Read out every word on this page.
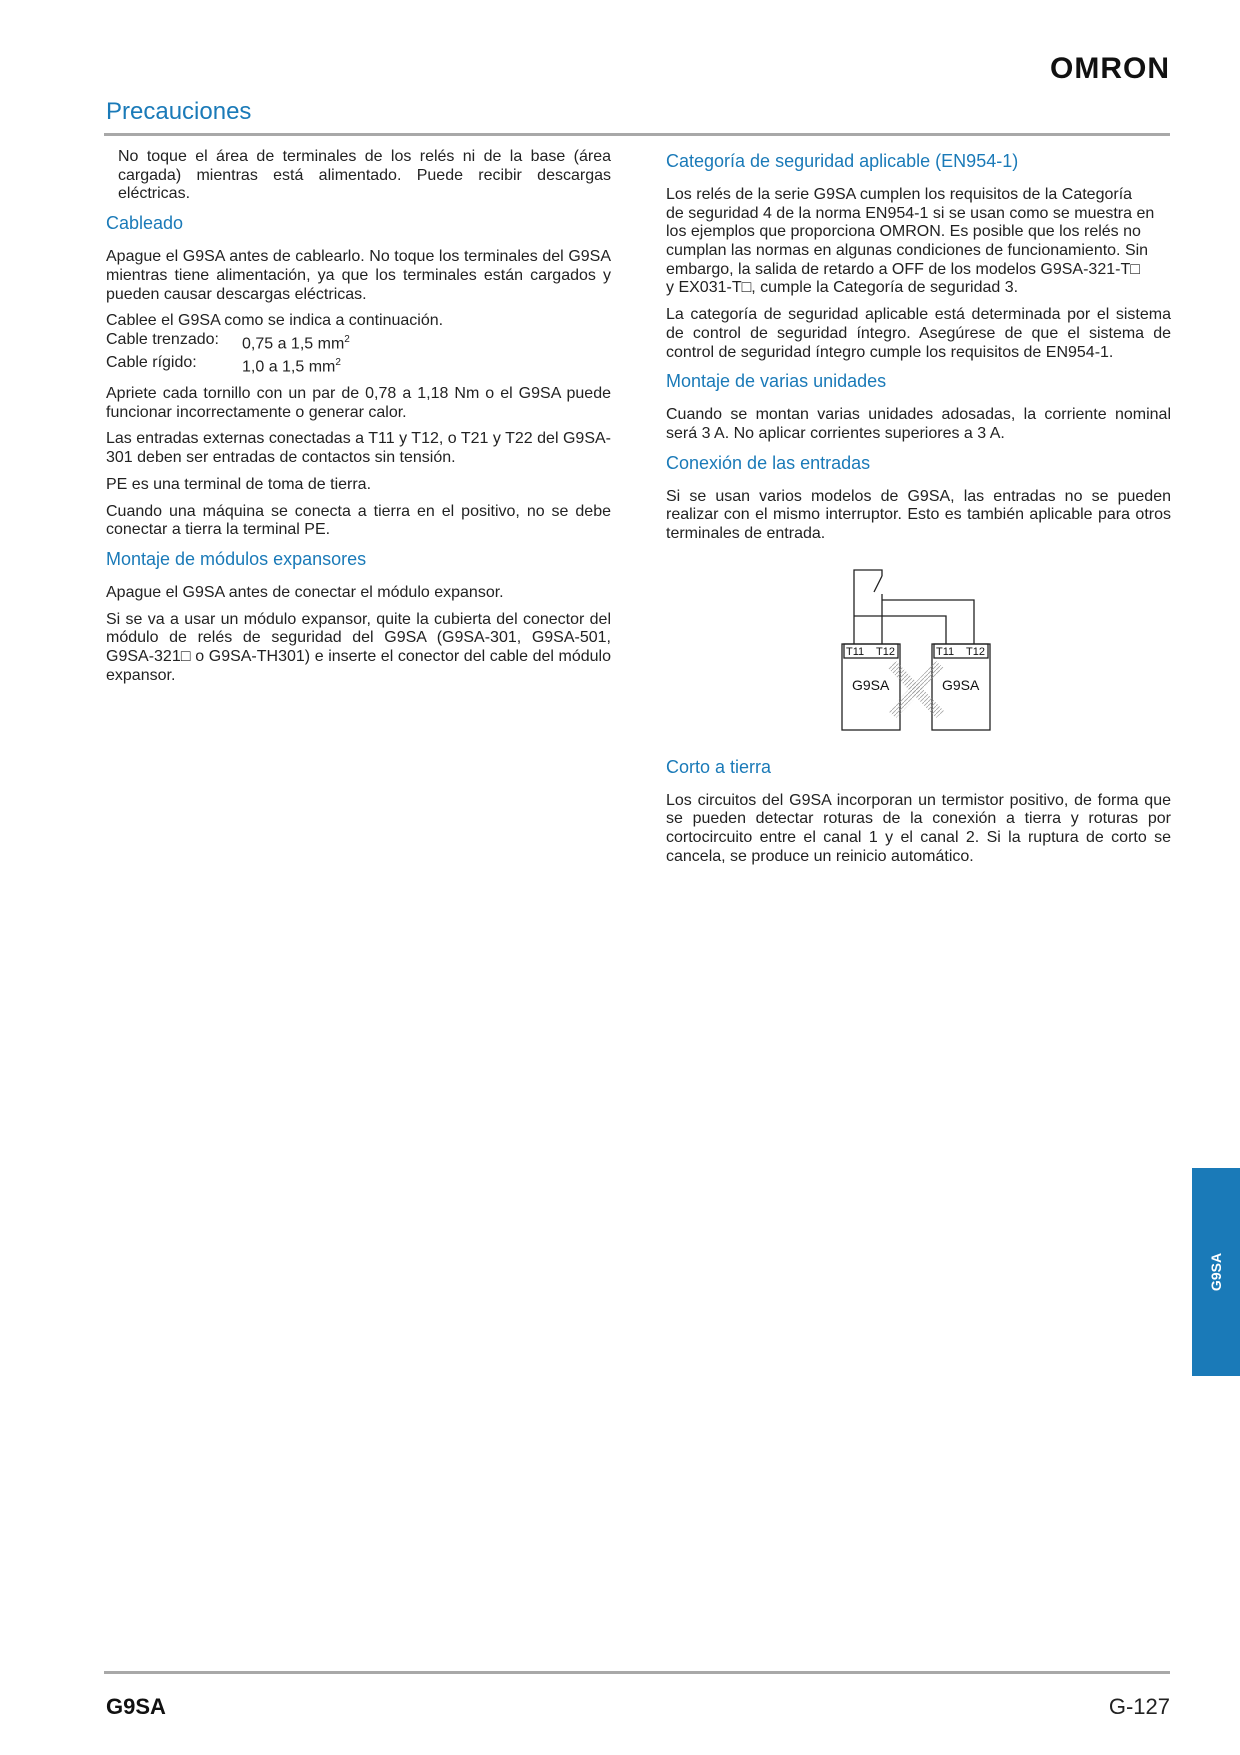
OMRON
Precauciones

No toque el área de terminales de los relés ni de la base (área cargada) mientras está alimentado. Puede recibir descargas eléctricas.

Cableado

Apague el G9SA antes de cablearlo. No toque los terminales del G9SA mientras tiene alimentación, ya que los terminales están cargados y pueden causar descargas eléctricas.

Cablee el G9SA como se indica a continuación.
Cable trenzado:	0,75 a 1,5 $mm^2$
Cable rígido:	1,0 a 1,5 $mm^2$

Apriete cada tornillo con un par de 0,78 a 1,18 Nm o el G9SA puede funcionar incorrectamente o generar calor.

Las entradas externas conectadas a T11 y T12, o T21 y T22 del G9SA-301 deben ser entradas de contactos sin tensión.

PE es una terminal de toma de tierra.

Cuando una máquina se conecta a tierra en el positivo, no se debe conectar a tierra la terminal PE.

Montaje de módulos expansores

Apague el G9SA antes de conectar el módulo expansor.

Si se va a usar un módulo expansor, quite la cubierta del conector del módulo de relés de seguridad del G9SA (G9SA-301, G9SA-501, G9SA-321□ o G9SA-TH301) e inserte el conector del cable del módulo expansor.

Categoría de seguridad aplicable (EN954-1)
Los relés de la serie G9SA cumplen los requisitos de la Categoría
de seguridad 4 de la norma EN954-1 si se usan como se muestra en
los ejemplos que proporciona OMRON. Es posible que los relés no
cumplan las normas en algunas condiciones de funcionamiento. Sin
embargo, la salida de retardo a OFF de los modelos G9SA-321-T□
y EX031-T□, cumple la Categoría de seguridad 3.

La categoría de seguridad aplicable está determinada por el sistema de control de seguridad íntegro. Asegúrese de que el sistema de control de seguridad íntegro cumple los requisitos de EN954-1.

Montaje de varias unidades

Cuando se montan varias unidades adosadas, la corriente nominal será 3 A. No aplicar corrientes superiores a 3 A.

Conexión de las entradas

Si se usan varios modelos de G9SA, las entradas no se pueden realizar con el mismo interruptor. Esto es también aplicable para otros terminales de entrada.

T11 T12	T11 T12
G9SA	G9SA
Corto a tierra

Los circuitos del G9SA incorporan un termistor positivo, de forma que se pueden detectar roturas de la conexión a tierra y roturas por cortocircuito entre el canal 1 y el canal 2. Si la ruptura de corto se cancela, se produce un reinicio automático.

G9SA
G9SA	G-127
